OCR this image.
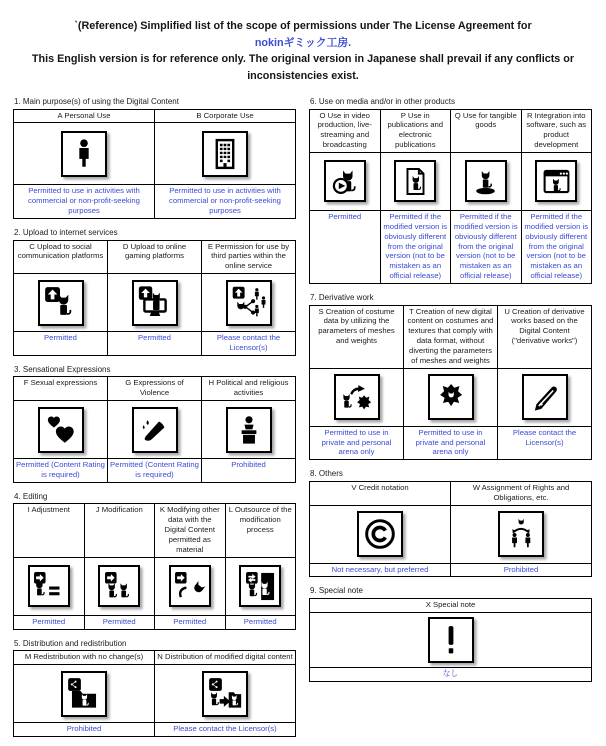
`(Reference) Simplified list of the scope of permissions under The License Agreement for
nokinギミック工房.
This English version is for reference only. The original version in Japanese shall prevail if any conflicts or inconsistencies exist.
1. Main purpose(s) of using the Digital Content
A Personal Use	B Corporate Use

Permitted to use in activities with commercial or non-profit-seeking purposes	Permitted to use in activities with commercial or non-profit-seeking purposes
2. Upload to internet services
C Upload to social communication platforms	D Upload to online gaming platforms	E Permission for use by third parties within the online service

Permitted	Permitted	Please contact the Licensor(s)
3. Sensational Expressions
F Sexual expressions	G Expressions of Violence	H Political and religious activities

Permitted (Content Rating is required)	Permitted (Content Rating is required)	Prohibited
4. Editing
I Adjustment	J Modification	K Modifying other data with the Digital Content permitted as material	L Outsource of the modification process

Permitted	Permitted	Permitted	Permitted
5. Distribution and redistribution
M Redistribution with no change(s)	N Distribution of modified digital content

Prohibited	Please contact the Licensor(s)
6. Use on media and/or in other products
O Use in video production, live-streaming and broadcasting	P Use in publications and electronic publications	Q Use for tangible goods	R Integration into software, such as product development

Permitted	Permitted if the modified version is obviously different from the original version (not to be mistaken as an official release)	Permitted if the modified version is obviously different from the original version (not to be mistaken as an official release)	Permitted if the modified version is obviously different from the original version (not to be mistaken as an official release)
7. Derivative work
S Creation of costume data by utilizing the parameters of meshes and weights	T Creation of new digital content on costumes and textures that comply with data format, without diverting the parameters of meshes and weights	U Creation of derivative works based on the Digital Content ("derivative works")

Permitted to use in private and personal arena only	Permitted to use in private and personal arena only	Please contact the Licensor(s)
8. Others
V Credit notation	W Assignment of Rights and Obligations, etc.

Not necessary, but preferred	Prohibited
9. Special note
X Special note

なし
